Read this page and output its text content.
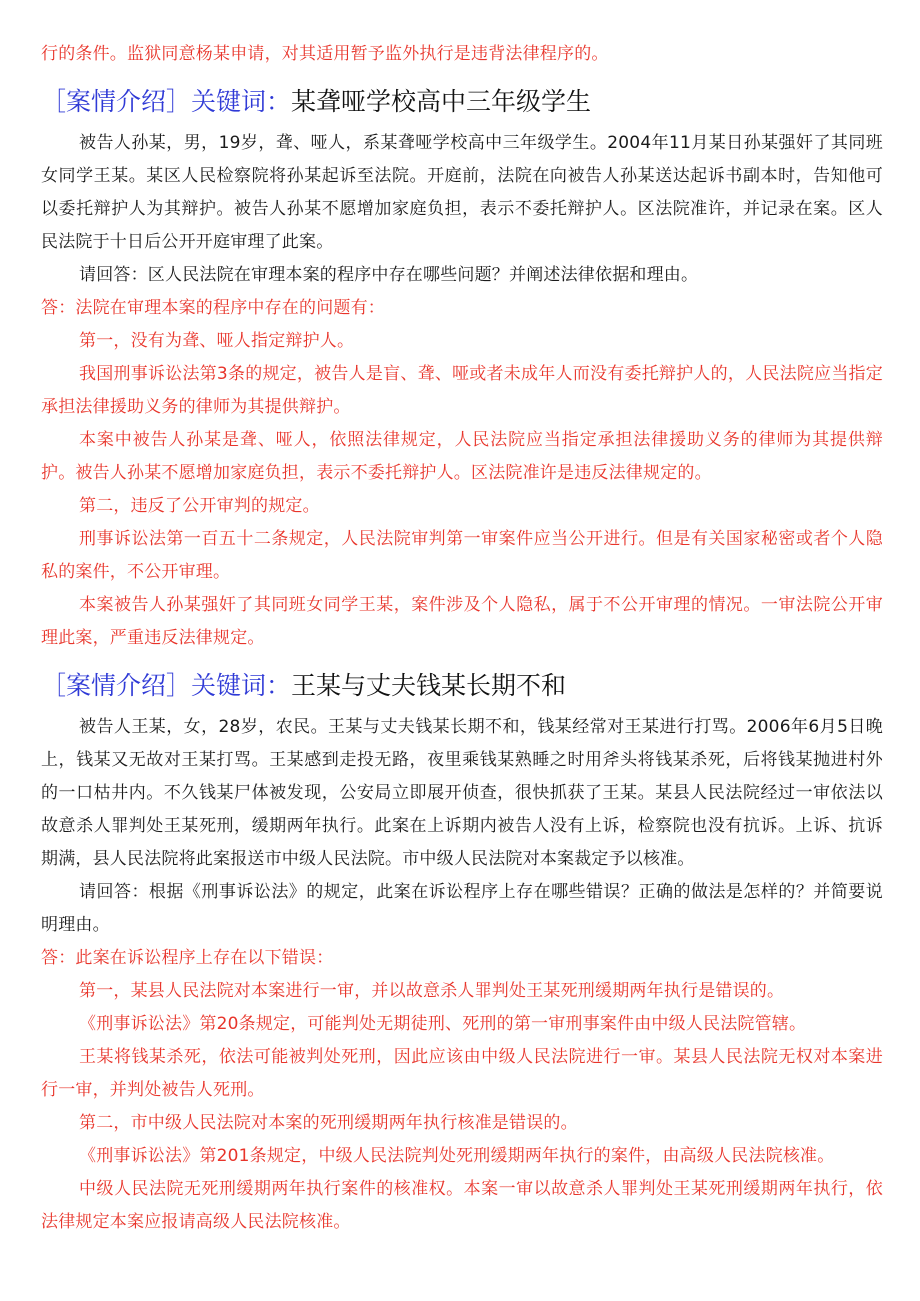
行的条件。监狱同意杨某申请，对其适用暂予监外执行是违背法律程序的。

［案情介绍］关键词：某聋哑学校高中三年级学生

被告人孙某，男，19岁，聋、哑人，系某聋哑学校高中三年级学生。2004年11月某日孙某强奸了其同班女同学王某。某区人民检察院将孙某起诉至法院。开庭前，法院在向被告人孙某送达起诉书副本时，告知他可以委托辩护人为其辩护。被告人孙某不愿增加家庭负担，表示不委托辩护人。区法院准许，并记录在案。区人民法院于十日后公开开庭审理了此案。

请回答：区人民法院在审理本案的程序中存在哪些问题？并阐述法律依据和理由。

答：法院在审理本案的程序中存在的问题有：

第一，没有为聋、哑人指定辩护人。

我国刑事诉讼法第3条的规定，被告人是盲、聋、哑或者未成年人而没有委托辩护人的，人民法院应当指定承担法律援助义务的律师为其提供辩护。

本案中被告人孙某是聋、哑人，依照法律规定，人民法院应当指定承担法律援助义务的律师为其提供辩护。被告人孙某不愿增加家庭负担，表示不委托辩护人。区法院准许是违反法律规定的。

第二，违反了公开审判的规定。

刑事诉讼法第一百五十二条规定，人民法院审判第一审案件应当公开进行。但是有关国家秘密或者个人隐私的案件，不公开审理。

本案被告人孙某强奸了其同班女同学王某，案件涉及个人隐私，属于不公开审理的情况。一审法院公开审理此案，严重违反法律规定。

［案情介绍］关键词：王某与丈夫钱某长期不和

被告人王某，女，28岁，农民。王某与丈夫钱某长期不和，钱某经常对王某进行打骂。2006年6月5日晚上，钱某又无故对王某打骂。王某感到走投无路，夜里乘钱某熟睡之时用斧头将钱某杀死，后将钱某抛进村外的一口枯井内。不久钱某尸体被发现，公安局立即展开侦查，很快抓获了王某。某县人民法院经过一审依法以故意杀人罪判处王某死刑，缓期两年执行。此案在上诉期内被告人没有上诉，检察院也没有抗诉。上诉、抗诉期满，县人民法院将此案报送市中级人民法院。市中级人民法院对本案裁定予以核准。

请回答：根据《刑事诉讼法》的规定，此案在诉讼程序上存在哪些错误？正确的做法是怎样的？并简要说明理由。

答：此案在诉讼程序上存在以下错误：

第一，某县人民法院对本案进行一审，并以故意杀人罪判处王某死刑缓期两年执行是错误的。

《刑事诉讼法》第20条规定，可能判处无期徒刑、死刑的第一审刑事案件由中级人民法院管辖。

王某将钱某杀死，依法可能被判处死刑，因此应该由中级人民法院进行一审。某县人民法院无权对本案进行一审，并判处被告人死刑。

第二，市中级人民法院对本案的死刑缓期两年执行核准是错误的。

《刑事诉讼法》第201条规定，中级人民法院判处死刑缓期两年执行的案件，由高级人民法院核准。

中级人民法院无死刑缓期两年执行案件的核准权。本案一审以故意杀人罪判处王某死刑缓期两年执行，依法律规定本案应报请高级人民法院核准。
